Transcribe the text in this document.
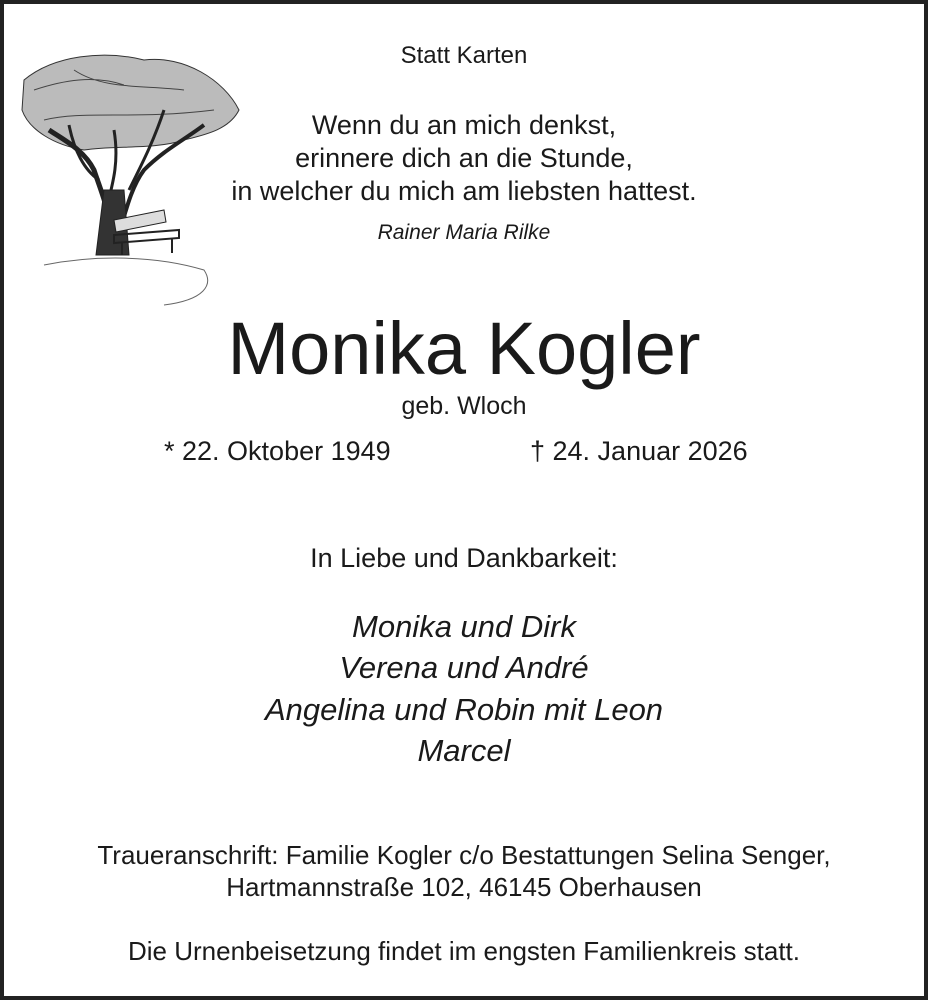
Statt Karten
Wenn du an mich denkst,
erinnere dich an die Stunde,
in welcher du mich am liebsten hattest.
Rainer Maria Rilke
Monika Kogler
geb. Wloch
* 22. Oktober 1949	† 24. Januar 2026
In Liebe und Dankbarkeit:
Monika und Dirk
Verena und André
Angelina und Robin mit Leon
Marcel
Traueranschrift: Familie Kogler c/o Bestattungen Selina Senger,
Hartmannstraße 102, 46145 Oberhausen
Die Urnenbeisetzung findet im engsten Familienkreis statt.
